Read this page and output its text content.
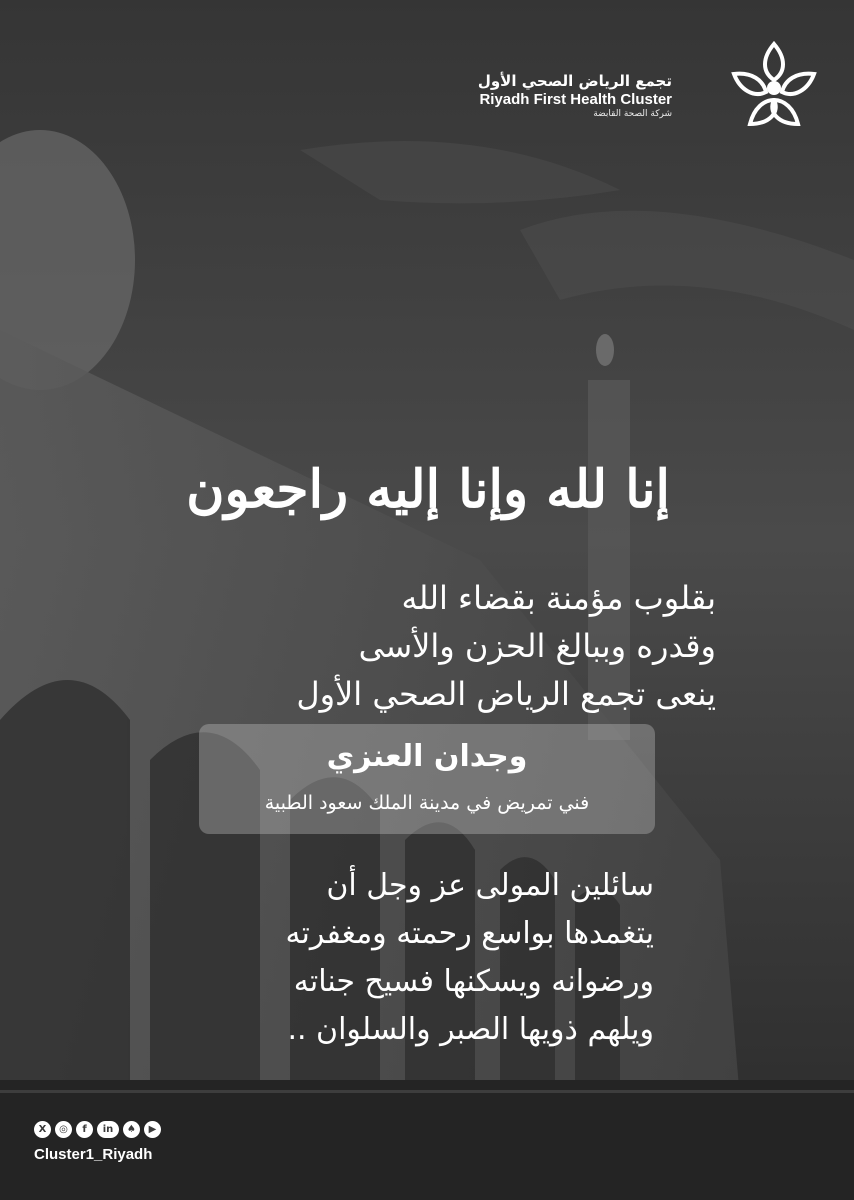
تجمع الرياض الصحي الأول
Riyadh First Health Cluster
شركة الصحة القابضة
إنا لله وإنا إليه راجعون
بقلوب مؤمنة بقضاء الله
وقدره وببالغ الحزن والأسى
ينعى تجمع الرياض الصحي الأول
وجدان العنزي
فني تمريض في مدينة الملك سعود الطبية
سائلين المولى عز وجل أن
يتغمدها بواسع رحمته ومغفرته
ورضوانه ويسكنها فسيح جناته
ويلهم ذويها الصبر والسلوان ..
X	◎	f	in	♠	▶
Cluster1_Riyadh
